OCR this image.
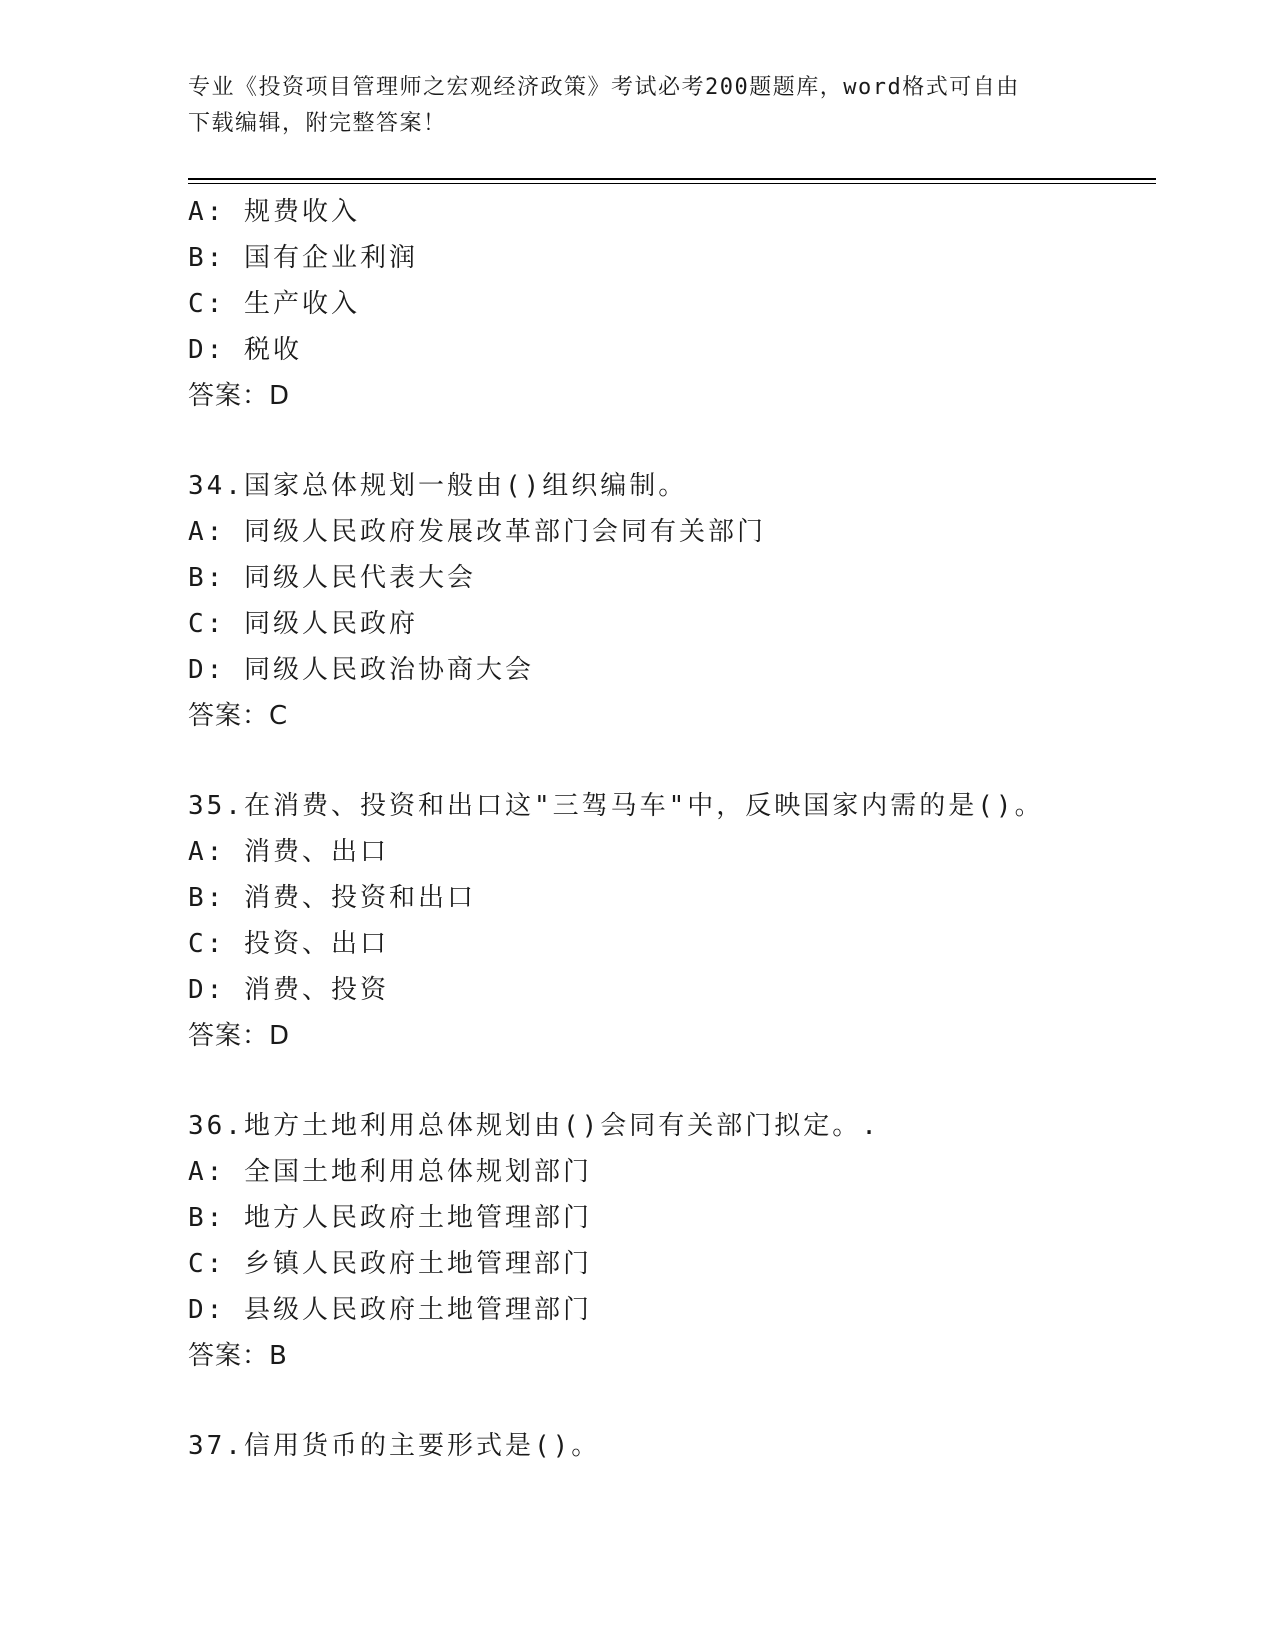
专业《投资项目管理师之宏观经济政策》考试必考200题题库，word格式可自由
下载编辑，附完整答案！
A: 规费收入
B: 国有企业利润
C: 生产收入
D: 税收
答案：D
34.国家总体规划一般由()组织编制。
A: 同级人民政府发展改革部门会同有关部门
B: 同级人民代表大会
C: 同级人民政府
D: 同级人民政治协商大会
答案：C
35.在消费、投资和出口这"三驾马车"中，反映国家内需的是()。
A: 消费、出口
B: 消费、投资和出口
C: 投资、出口
D: 消费、投资
答案：D
36.地方土地利用总体规划由()会同有关部门拟定。.
A: 全国土地利用总体规划部门
B: 地方人民政府土地管理部门
C: 乡镇人民政府土地管理部门
D: 县级人民政府土地管理部门
答案：B
37.信用货币的主要形式是()。
